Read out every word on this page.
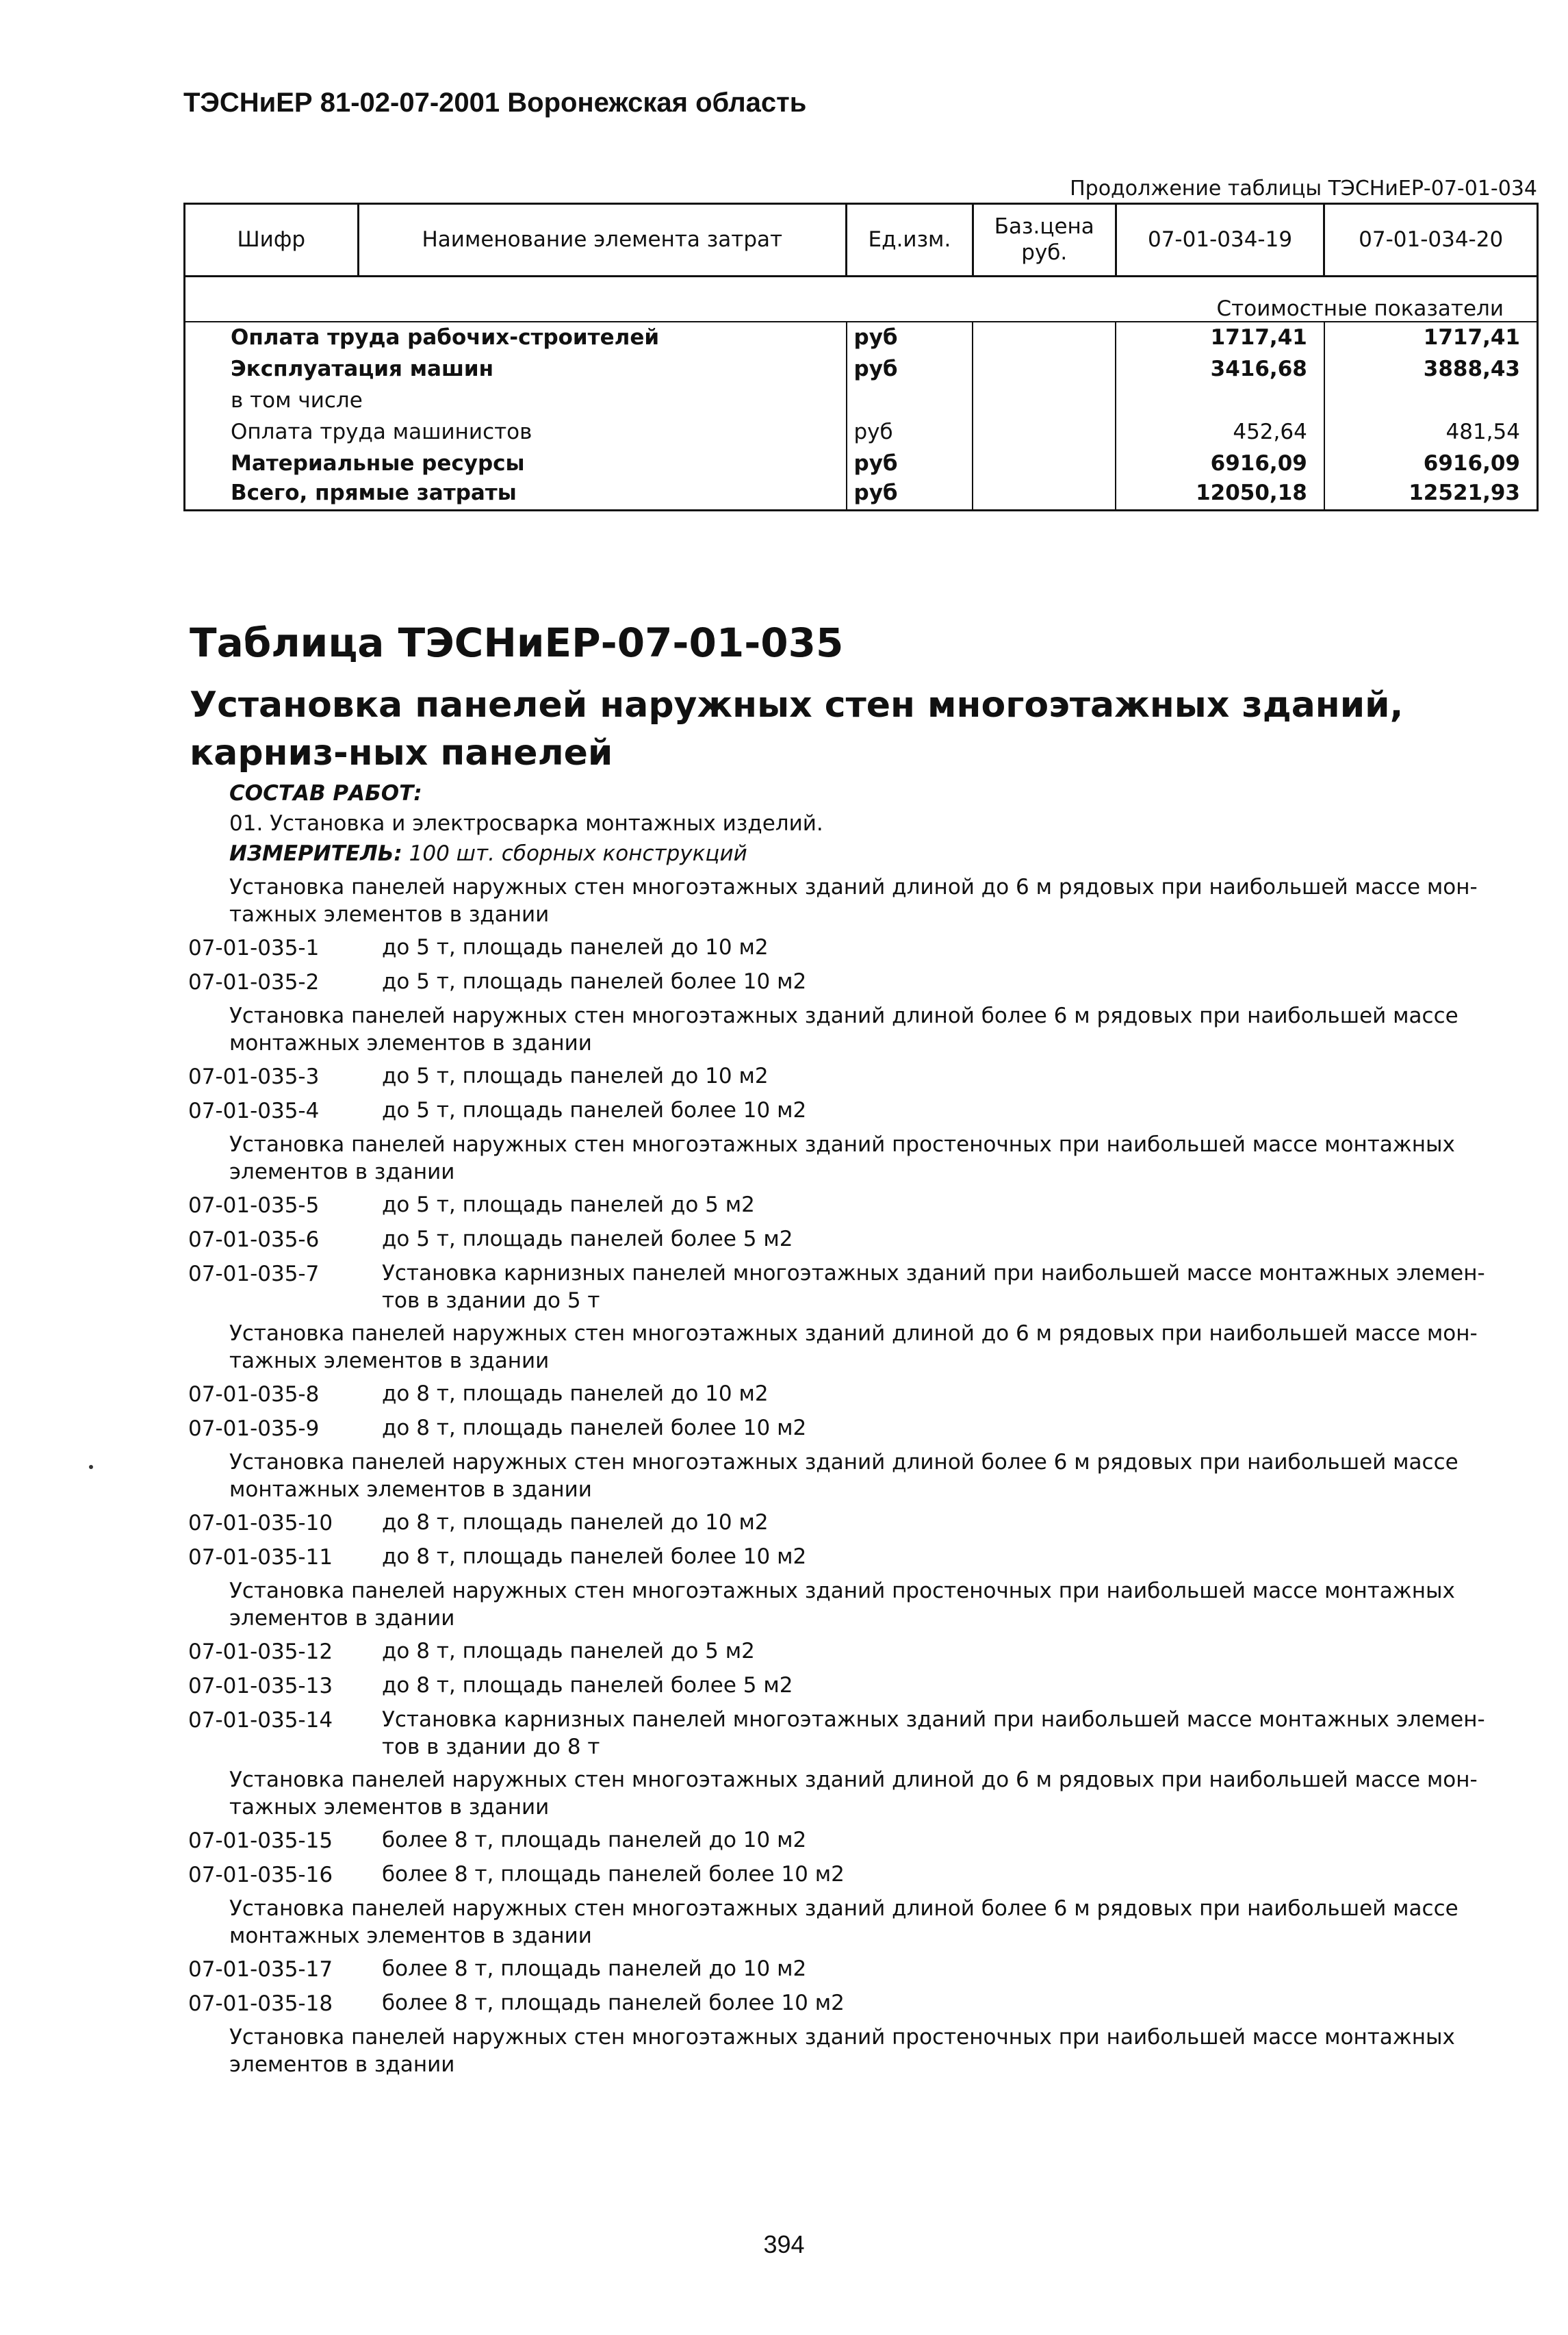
ТЭСНиЕР 81-02-07-2001 Воронежская область
Продолжение таблицы ТЭСНиЕР-07-01-034
Шифр	Наименование элемента затрат	Ед.изм.	Баз.цена руб.	07-01-034-19	07-01-034-20
Стоимостные показатели					
Оплата труда рабочих-строителей		руб		1717,41	1717,41
Эксплуатация машин		руб		3416,68	3888,43
в том числе					
Оплата труда машинистов		руб		452,64	481,54
Материальные ресурсы		руб		6916,09	6916,09
Всего, прямые затраты		руб		12050,18	12521,93
Таблица ТЭСНиЕР-07-01-035
Установка панелей наружных стен многоэтажных зданий, карниз-ных панелей
СОСТАВ РАБОТ:
01. Установка и электросварка монтажных изделий.
ИЗМЕРИТЕЛЬ: 100 шт. сборных конструкций
Установка панелей наружных стен многоэтажных зданий длиной до 6 м рядовых при наибольшей массе мон-тажных элементов в здании
07-01-035-1	до 5 т, площадь панелей до 10 м2
07-01-035-2	до 5 т, площадь панелей более 10 м2
Установка панелей наружных стен многоэтажных зданий длиной более 6 м рядовых при наибольшей массе монтажных элементов в здании
07-01-035-3	до 5 т, площадь панелей до 10 м2
07-01-035-4	до 5 т, площадь панелей более 10 м2
Установка панелей наружных стен многоэтажных зданий простеночных при наибольшей массе монтажных элементов в здании
07-01-035-5	до 5 т, площадь панелей до 5 м2
07-01-035-6	до 5 т, площадь панелей более 5 м2
07-01-035-7	Установка карнизных панелей многоэтажных зданий при наибольшей массе монтажных элемен-тов в здании до 5 т
Установка панелей наружных стен многоэтажных зданий длиной до 6 м рядовых при наибольшей массе мон-тажных элементов в здании
07-01-035-8	до 8 т, площадь панелей до 10 м2
07-01-035-9	до 8 т, площадь панелей более 10 м2
Установка панелей наружных стен многоэтажных зданий длиной более 6 м рядовых при наибольшей массе монтажных элементов в здании
07-01-035-10	до 8 т, площадь панелей до 10 м2
07-01-035-11	до 8 т, площадь панелей более 10 м2
Установка панелей наружных стен многоэтажных зданий простеночных при наибольшей массе монтажных элементов в здании
07-01-035-12	до 8 т, площадь панелей до 5 м2
07-01-035-13	до 8 т, площадь панелей более 5 м2
07-01-035-14	Установка карнизных панелей многоэтажных зданий при наибольшей массе монтажных элемен-тов в здании до 8 т
Установка панелей наружных стен многоэтажных зданий длиной до 6 м рядовых при наибольшей массе мон-тажных элементов в здании
07-01-035-15	более 8 т, площадь панелей до 10 м2
07-01-035-16	более 8 т, площадь панелей более 10 м2
Установка панелей наружных стен многоэтажных зданий длиной более 6 м рядовых при наибольшей массе монтажных элементов в здании
07-01-035-17	более 8 т, площадь панелей до 10 м2
07-01-035-18	более 8 т, площадь панелей более 10 м2
Установка панелей наружных стен многоэтажных зданий простеночных при наибольшей массе монтажных элементов в здании
394
